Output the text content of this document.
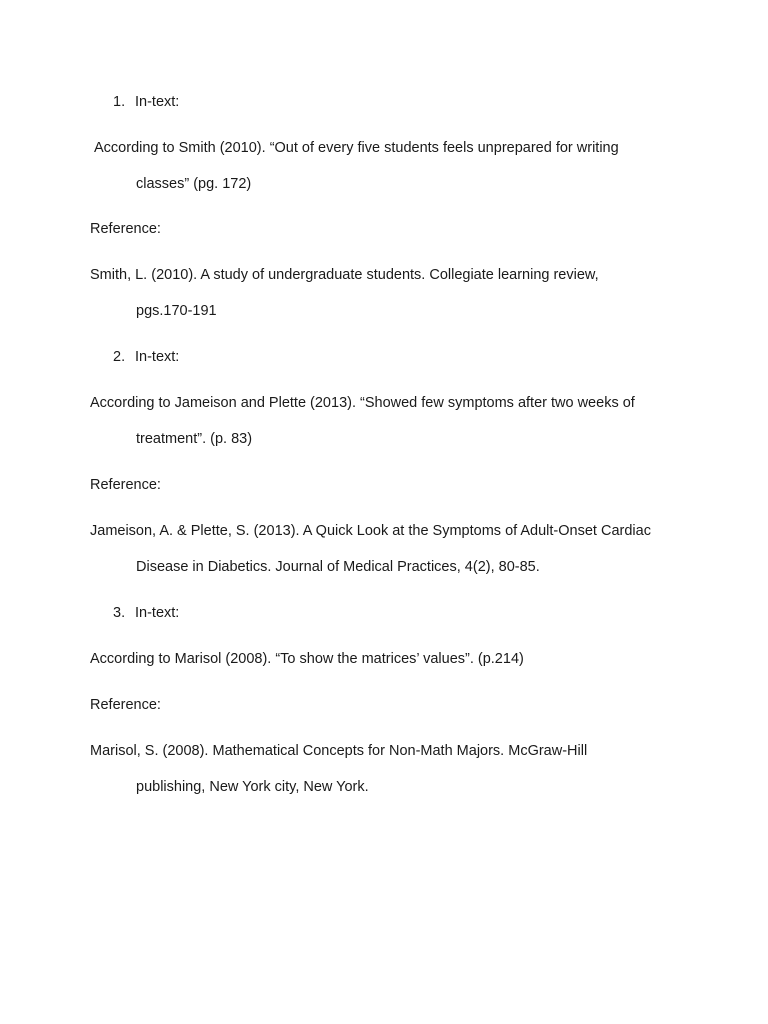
1. In-text:
According to Smith (2010). “Out of every five students feels unprepared for writing
classes” (pg. 172)
Reference:
Smith, L. (2010). A study of undergraduate students. Collegiate learning review,
pgs.170-191
2. In-text:
According to Jameison and Plette (2013). “Showed few symptoms after two weeks of
treatment”. (p. 83)
Reference:
Jameison, A. & Plette, S. (2013). A Quick Look at the Symptoms of Adult-Onset Cardiac
Disease in Diabetics. Journal of Medical Practices, 4(2), 80-85.
3. In-text:
According to Marisol (2008). “To show the matrices’ values”. (p.214)
Reference:
Marisol, S. (2008). Mathematical Concepts for Non-Math Majors. McGraw-Hill
publishing, New York city, New York.
